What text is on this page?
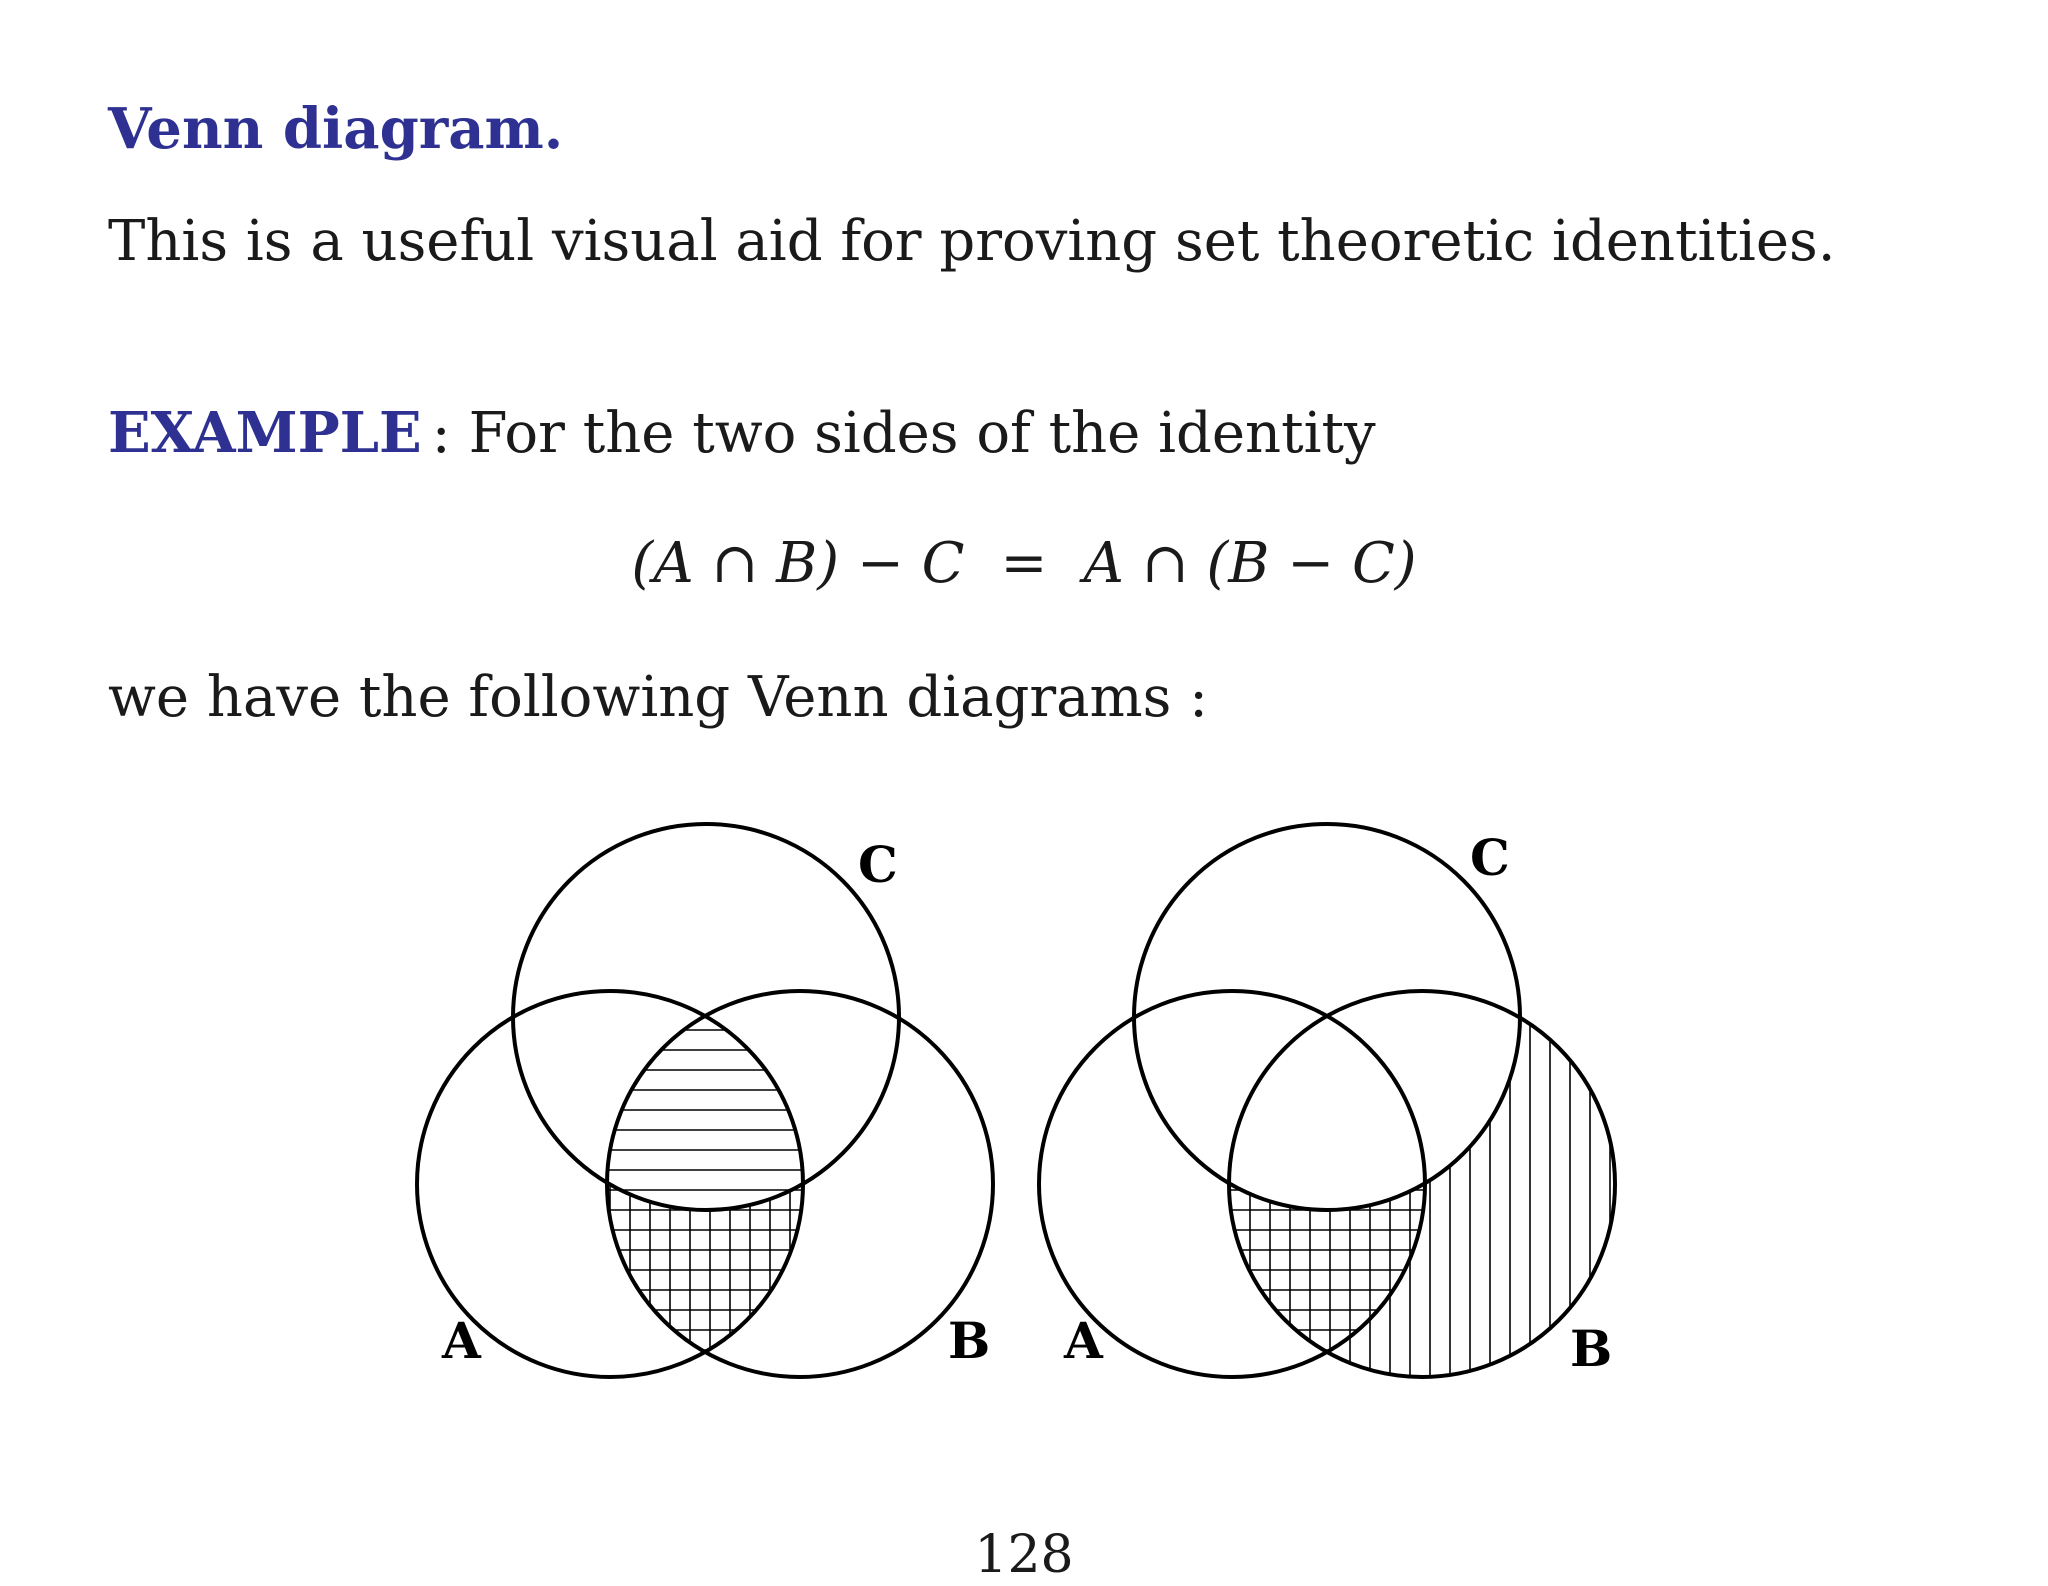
Venn diagram.

This is a useful visual aid for proving set theoretic identities.

EXAMPLE : For the two sides of the identity

(A ∩ B) − C = A ∩ (B − C)

we have the following Venn diagrams :

C
A	B
C
A	B
128
